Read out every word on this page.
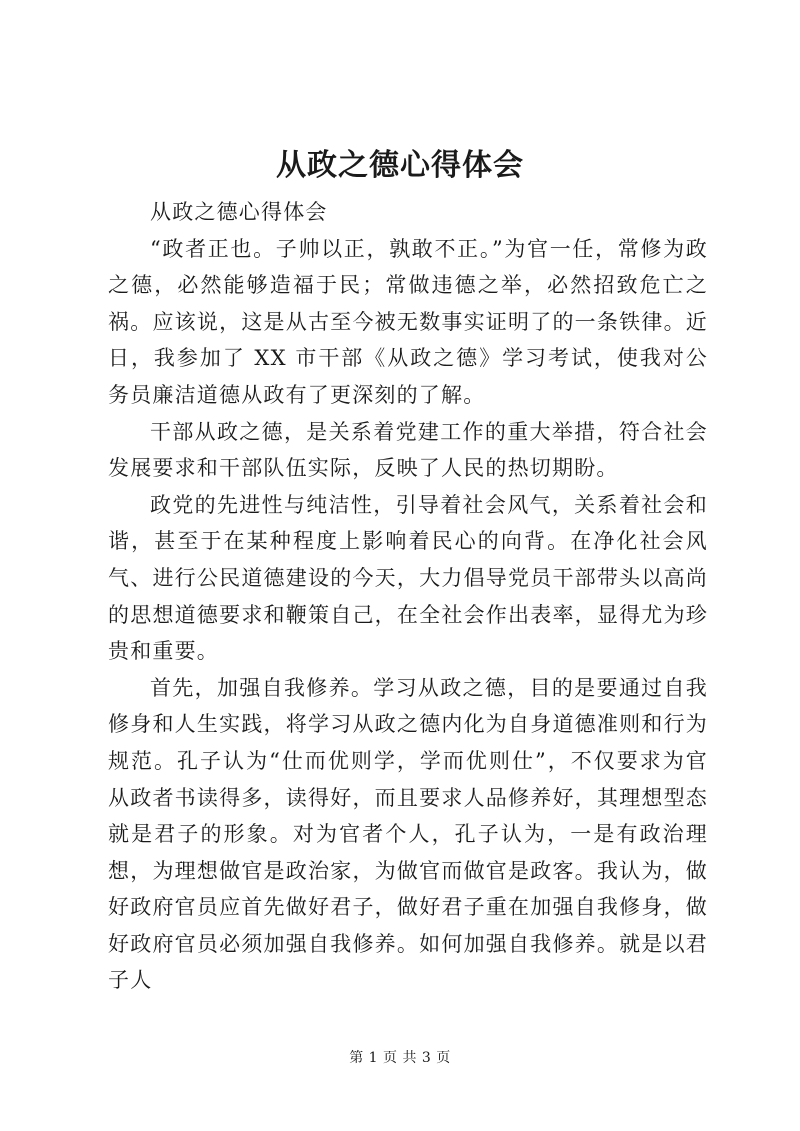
从政之德心得体会

从政之德心得体会

“政者正也。子帅以正，孰敢不正。”为官一任，常修为政之德，必然能够造福于民；常做违德之举，必然招致危亡之祸。应该说，这是从古至今被无数事实证明了的一条铁律。近日，我参加了 XX 市干部《从政之德》学习考试，使我对公务员廉洁道德从政有了更深刻的了解。

干部从政之德，是关系着党建工作的重大举措，符合社会发展要求和干部队伍实际，反映了人民的热切期盼。

政党的先进性与纯洁性，引导着社会风气，关系着社会和谐，甚至于在某种程度上影响着民心的向背。在净化社会风气、进行公民道德建设的今天，大力倡导党员干部带头以高尚的思想道德要求和鞭策自己，在全社会作出表率，显得尤为珍贵和重要。

首先，加强自我修养。学习从政之德，目的是要通过自我修身和人生实践，将学习从政之德内化为自身道德准则和行为规范。孔子认为“仕而优则学，学而优则仕”，不仅要求为官从政者书读得多，读得好，而且要求人品修养好，其理想型态就是君子的形象。对为官者个人，孔子认为，一是有政治理想，为理想做官是政治家，为做官而做官是政客。我认为，做好政府官员应首先做好君子，做好君子重在加强自我修身，做好政府官员必须加强自我修养。如何加强自我修养。就是以君子人

第 1 页 共 3 页
